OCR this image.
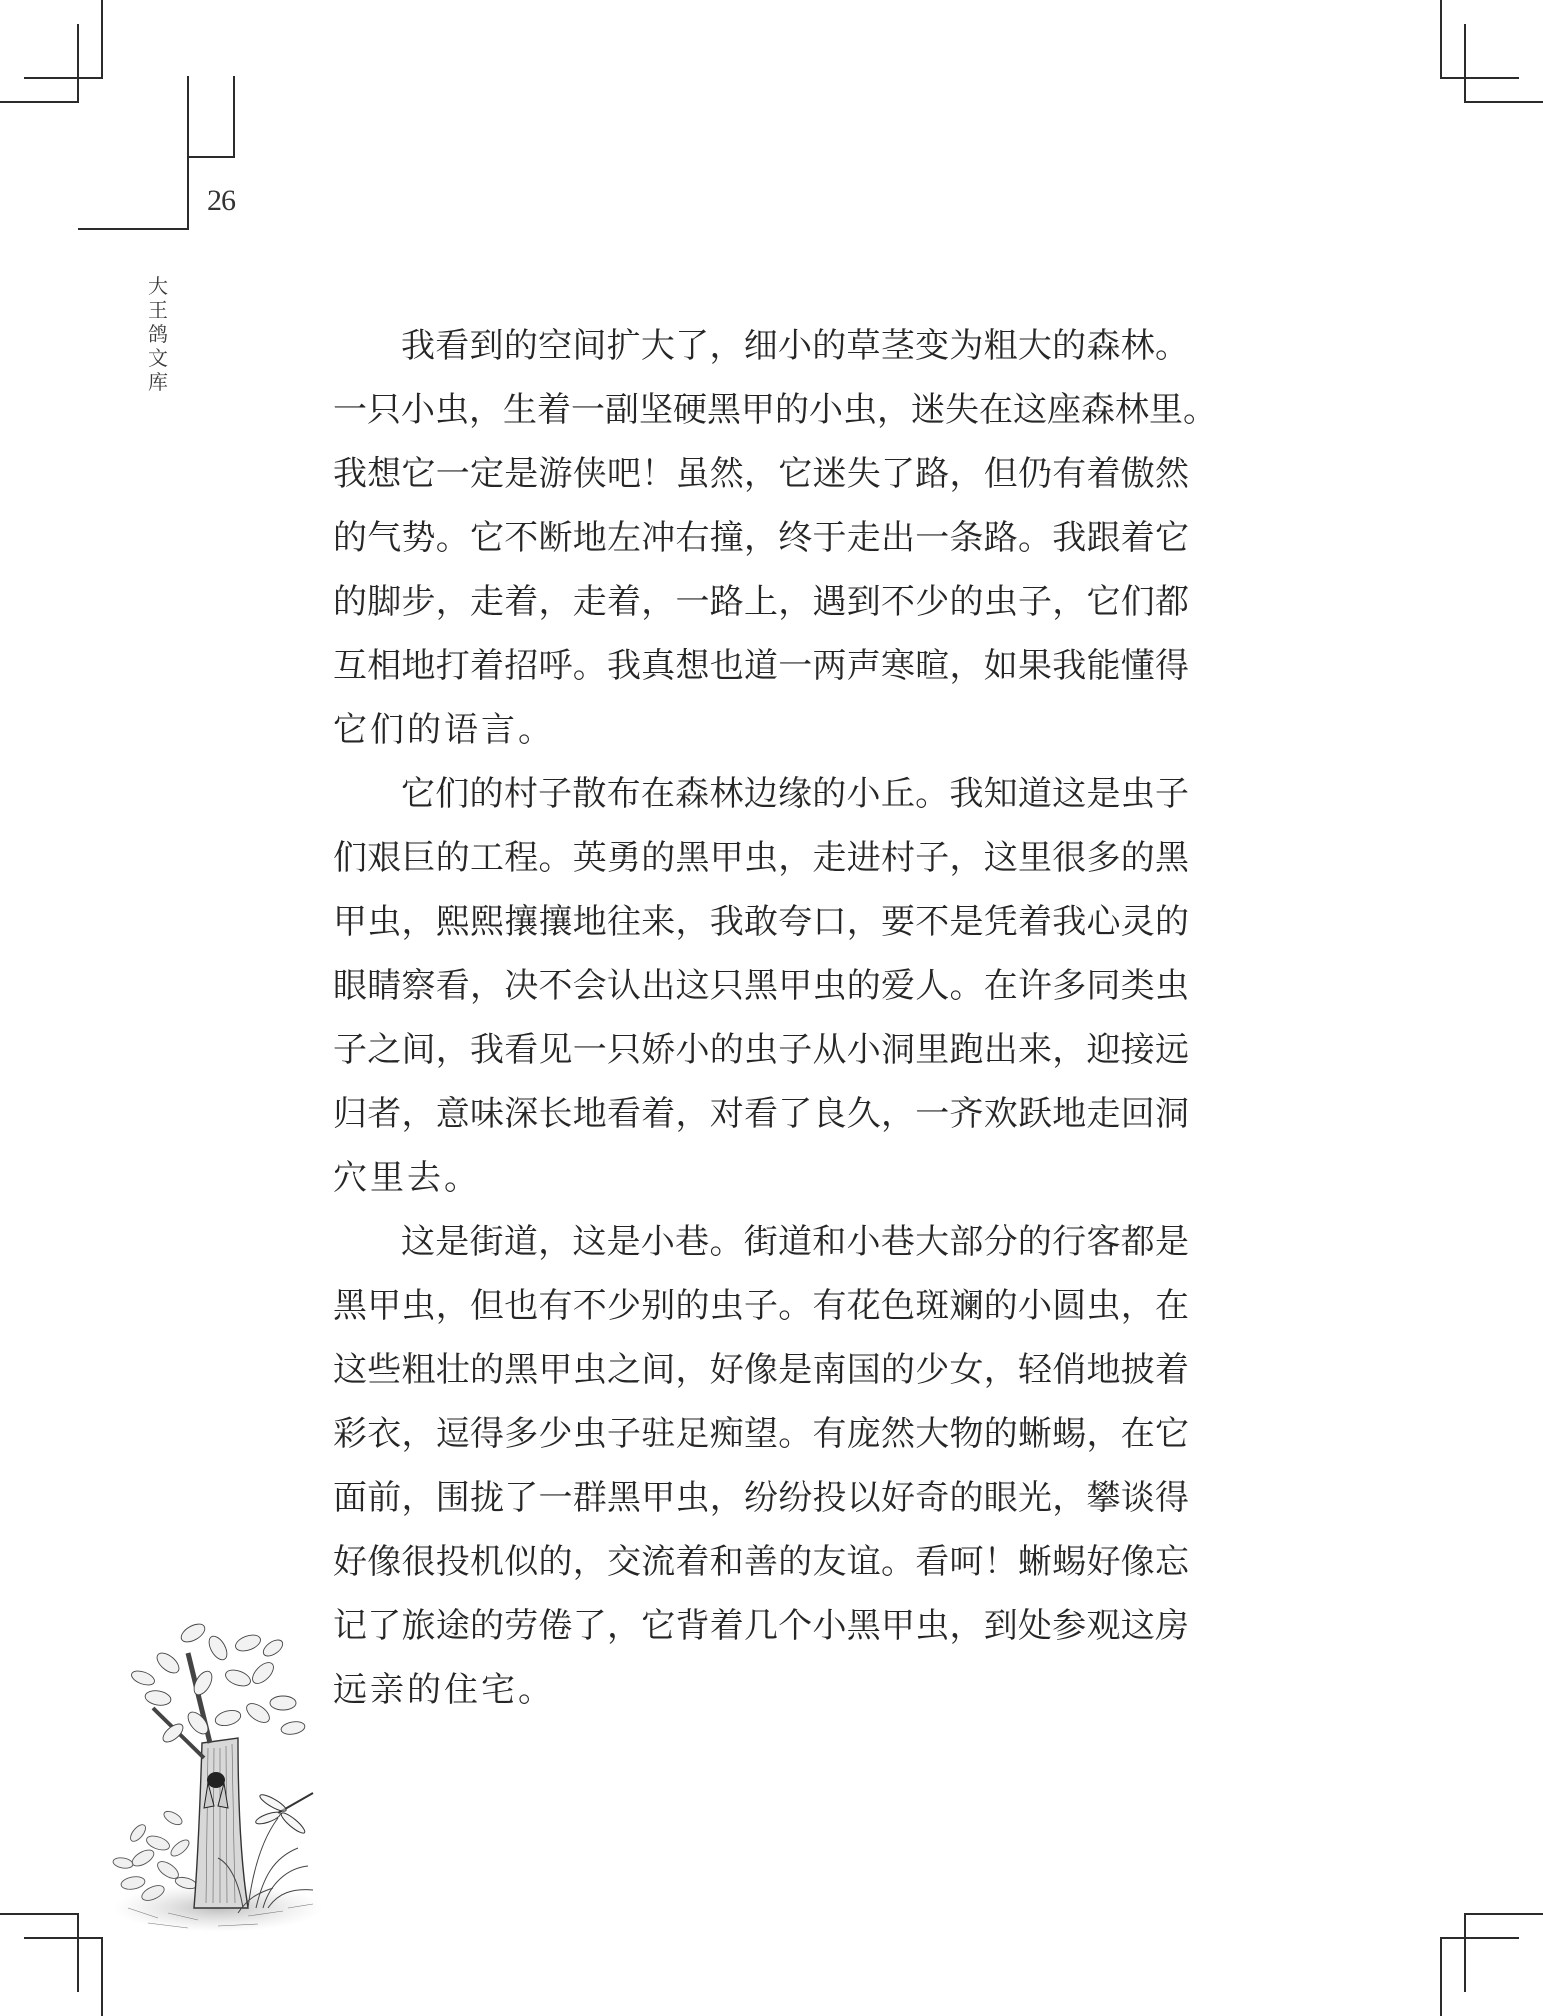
26
大
王
鸽
文
库
我看到的空间扩大了，细小的草茎变为粗大的森林。
一只小虫，生着一副坚硬黑甲的小虫，迷失在这座森林里。
我想它一定是游侠吧！虽然，它迷失了路，但仍有着傲然
的气势。它不断地左冲右撞，终于走出一条路。我跟着它
的脚步，走着，走着，一路上，遇到不少的虫子，它们都
互相地打着招呼。我真想也道一两声寒暄，如果我能懂得
它们的语言。
它们的村子散布在森林边缘的小丘。我知道这是虫子
们艰巨的工程。英勇的黑甲虫，走进村子，这里很多的黑
甲虫，熙熙攘攘地往来，我敢夸口，要不是凭着我心灵的
眼睛察看，决不会认出这只黑甲虫的爱人。在许多同类虫
子之间，我看见一只娇小的虫子从小洞里跑出来，迎接远
归者，意味深长地看着，对看了良久，一齐欢跃地走回洞
穴里去。
这是街道，这是小巷。街道和小巷大部分的行客都是
黑甲虫，但也有不少别的虫子。有花色斑斓的小圆虫，在
这些粗壮的黑甲虫之间，好像是南国的少女，轻俏地披着
彩衣，逗得多少虫子驻足痴望。有庞然大物的蜥蜴，在它
面前，围拢了一群黑甲虫，纷纷投以好奇的眼光，攀谈得
好像很投机似的，交流着和善的友谊。看呵！蜥蜴好像忘
记了旅途的劳倦了，它背着几个小黑甲虫，到处参观这房
远亲的住宅。
